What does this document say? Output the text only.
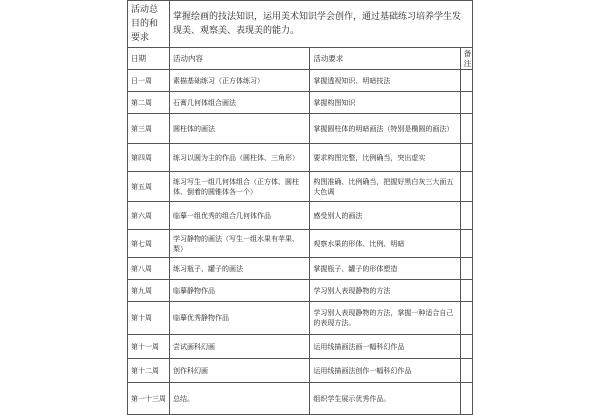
活动总目的和要求	掌握绘画的技法知识，运用美术知识学会创作，通过基础练习培养学生发现美、观察美、表现美的能力。		
日期	活动内容	活动要求	备注
日一周	素描基础练习（正方体练习）	掌握透视知识、明暗技法	
第二周	石膏几何体组合画法	掌握构图知识	
第三周	圆柱体的画法	掌握圆柱体的明暗画法（特别是椭圆的画法）	
第四周	练习以圆为主的作品（圆柱体、三角形）	要求构图完整，比例确当，突出虚实	
第五周	练习写生一组几何体组合（正方体、圆柱体、倒着的圆锥体各一个）	构图准确、比例确当，把握好黑白灰三大面五大色调	
第六周	临摹一组优秀的组合几何体作品	感受别人的画法	
第七周	学习静物的画法（写生一组水果有苹果、梨）	观察水果的形体、比例、明暗	
第八周	练习瓶子、罐子的画法	掌握瓶子、罐子的形体塑造	
第九周	临摹静物作品	学习别人表现静物的方法	
第十周	临摹优秀静物作品	学习别人表现静物的方法，掌握一种适合自己的表现方法。	
第十一周	尝试画科幻画	运用线描画法画一幅科幻作品	
第十二周	创作科幻画	运用线描画法创作一幅科幻作品	
第一十三周	总结。	组织学生展示优秀作品。	
